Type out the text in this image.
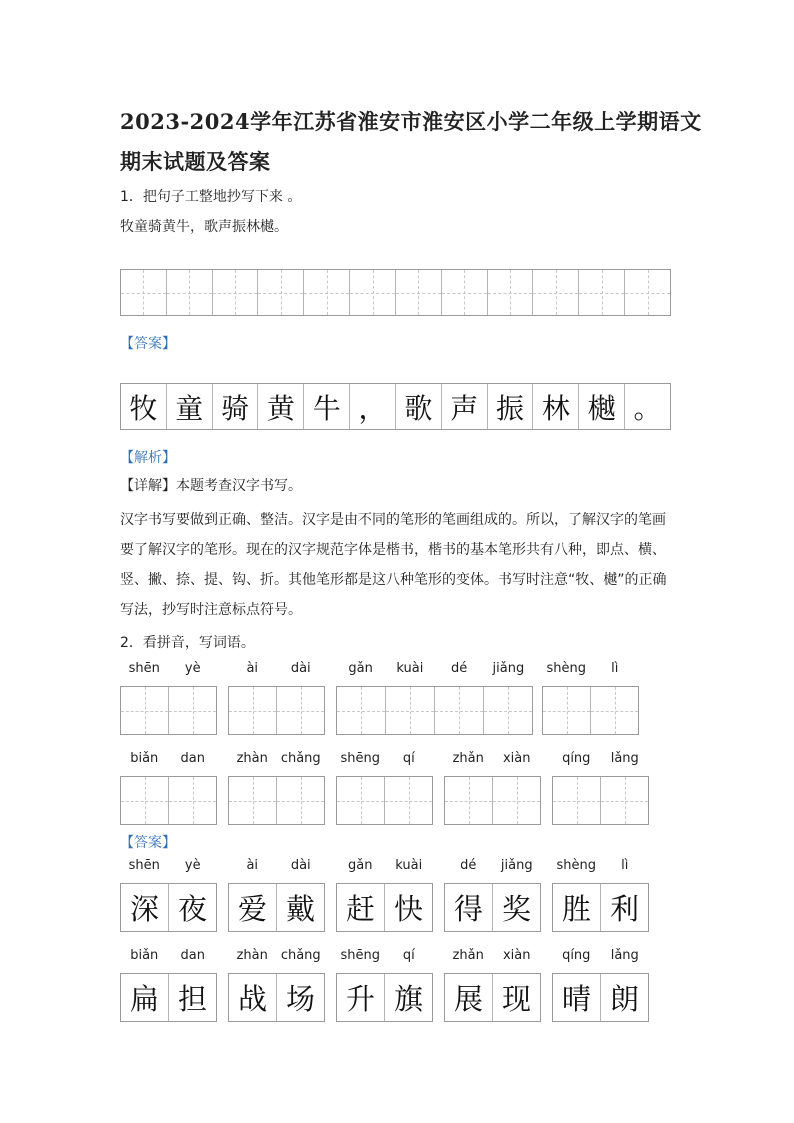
2023-2024学年江苏省淮安市淮安区小学二年级上学期语文
期末试题及答案
1．把句子工整地抄写下来 。
牧童骑黄牛，歌声振林樾。
【答案】
牧 童 骑 黄 牛 ， 歌 声 振 林 樾 。
【解析】
【详解】本题考查汉字书写。
汉字书写要做到正确、整洁。汉字是由不同的笔形的笔画组成的。所以，了解汉字的笔画要了解汉字的笔形。现在的汉字规范字体是楷书，楷书的基本笔形共有八种，即点、横、竖、撇、捺、提、钩、折。其他笔形都是这八种笔形的变体。书写时注意“牧、樾”的正确写法，抄写时注意标点符号。
2．看拼音，写词语。
shēn	yè	ài	dài	gǎn	kuài	dé	jiǎng	shèng	lì
biǎn	dan	zhàn chǎng	shēng	qí	zhǎn	xiàn	qíng	lǎng
【答案】
shēn	yè
深 夜
ài	dài
爱 戴
gǎn	kuài
赶 快
dé	jiǎng
得 奖
shèng	lì
胜 利
biǎn	dan
扁 担
zhàn chǎng
战 场
shēng	qí
升 旗
zhǎn	xiàn
展 现
qíng	lǎng
晴 朗
